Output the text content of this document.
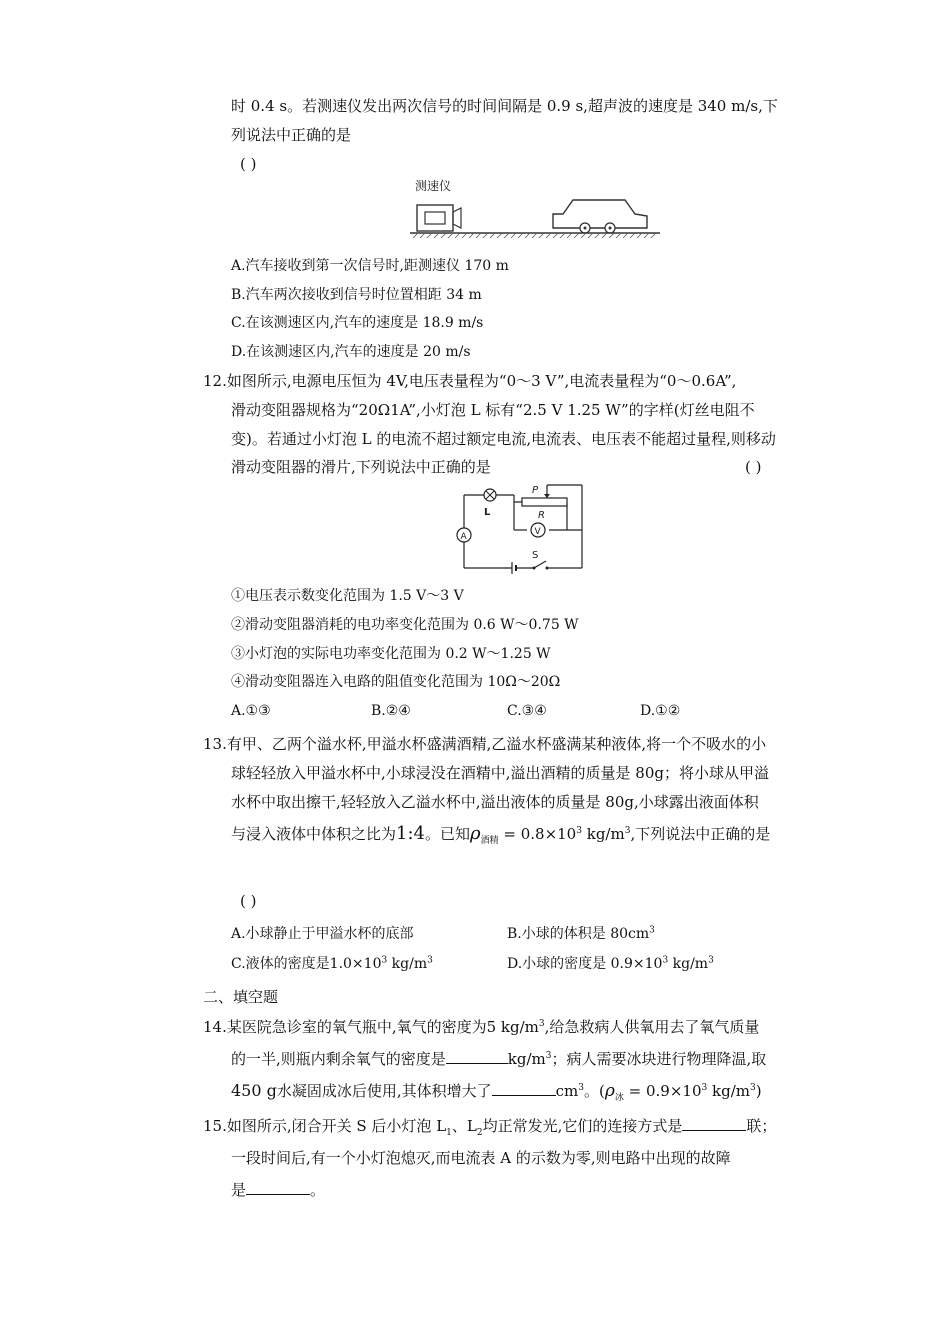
时 0.4 s。若测速仪发出两次信号的时间间隔是 0.9 s,超声波的速度是 340 m/s,下
列说法中正确的是
( )
测速仪
A.汽车接收到第一次信号时,距测速仪 170 m
B.汽车两次接收到信号时位置相距 34 m
C.在该测速区内,汽车的速度是 18.9 m/s
D.在该测速区内,汽车的速度是 20 m/s
12.如图所示,电源电压恒为 4V,电压表量程为“0～3 V”,电流表量程为“0～0.6A”,
滑动变阻器规格为“20Ω1A”,小灯泡 L 标有“2.5 V 1.25 W”的字样(灯丝电阻不
变)。若通过小灯泡 L 的电流不超过额定电流,电流表、电压表不能超过量程,则移动
滑动变阻器的滑片,下列说法中正确的是	( )
L
P
R
A	V
S
①电压表示数变化范围为 1.5 V～3 V
②滑动变阻器消耗的电功率变化范围为 0.6 W～0.75 W
③小灯泡的实际电功率变化范围为 0.2 W～1.25 W
④滑动变阻器连入电路的阻值变化范围为 10Ω～20Ω
A.①③	B.②④	C.③④	D.①②
13.有甲、乙两个溢水杯,甲溢水杯盛满酒精,乙溢水杯盛满某种液体,将一个不吸水的小
球轻轻放入甲溢水杯中,小球浸没在酒精中,溢出酒精的质量是 80g；将小球从甲溢
水杯中取出擦干,轻轻放入乙溢水杯中,溢出液体的质量是 80g,小球露出液面体积
与浸入液体中体积之比为1:4。已知$\rho_{酒精} = 0.8\times 10^3$ $kg/m^3$,下列说法中正确的是
( )
A.小球静止于甲溢水杯的底部	B.小球的体积是 $80cm^3$
C.液体的密度是$1.0\times 10^3$ $kg/m^3$	D.小球的密度是 $0.9\times 10^3$ $kg/m^3$
二、填空题
14.某医院急诊室的氧气瓶中,氧气的密度为5 $kg/m^3$,给急救病人供氧用去了氧气质量
的一半,则瓶内剩余氧气的密度是	$kg/m^3$；病人需要冰块进行物理降温,取
450 g水凝固成冰后使用,其体积增大了	$cm^3$。($\rho_冰 = 0.9\times 10^3$ $kg/m^3$)
15.如图所示,闭合开关 S 后小灯泡 $L_1$、$L_2$均正常发光,它们的连接方式是	联；
一段时间后,有一个小灯泡熄灭,而电流表 A 的示数为零,则电路中出现的故障
是	。
